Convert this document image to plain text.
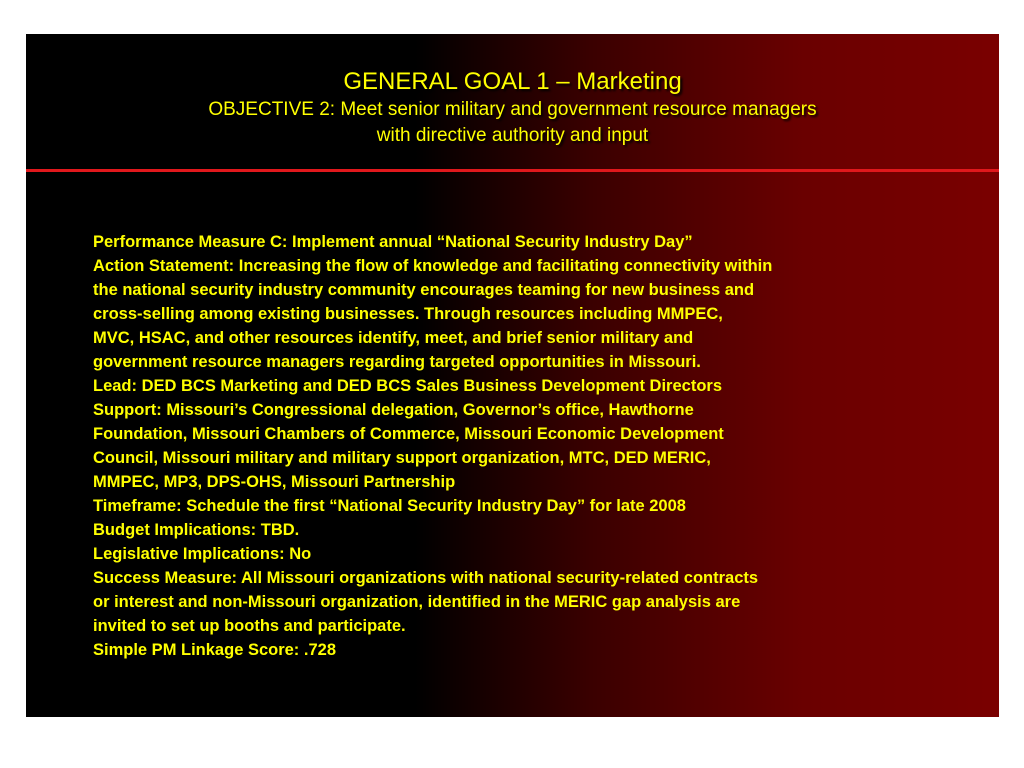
GENERAL GOAL 1 – Marketing
OBJECTIVE 2: Meet senior military and government resource managers
with directive authority and input
Performance Measure C: Implement annual “National Security Industry Day”
Action Statement: Increasing the flow of knowledge and facilitating connectivity within
the national security industry community encourages teaming for new business and
cross-selling among existing businesses. Through resources including MMPEC,
MVC, HSAC, and other resources identify, meet, and brief senior military and
government resource managers regarding targeted opportunities in Missouri.
Lead: DED BCS Marketing and DED BCS Sales Business Development Directors
Support: Missouri’s Congressional delegation, Governor’s office, Hawthorne
Foundation, Missouri Chambers of Commerce, Missouri Economic Development
Council, Missouri military and military support organization, MTC, DED MERIC,
MMPEC, MP3, DPS-OHS, Missouri Partnership
Timeframe: Schedule the first “National Security Industry Day” for late 2008
Budget Implications: TBD.
Legislative Implications: No
Success Measure: All Missouri organizations with national security-related contracts
or interest and non-Missouri organization, identified in the MERIC gap analysis are
invited to set up booths and participate.
Simple PM Linkage Score: .728
